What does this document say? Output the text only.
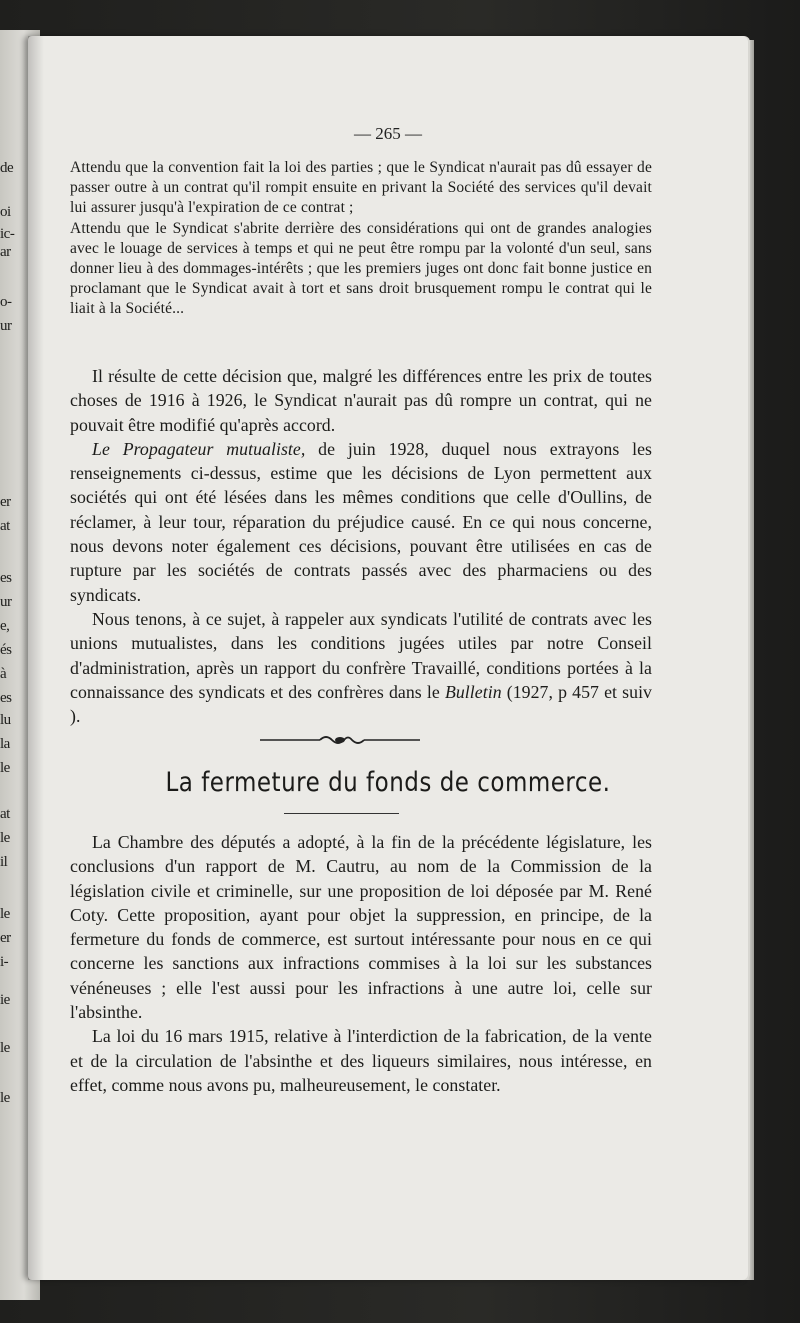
de
oi
ic-
ar
o-
ur
er
at
es
ur
e,
és
à
es
lu
la
le
at
le
il
le
er
i-
ie
le
le
— 265 —

Attendu que la convention fait la loi des parties ; que le Syndicat n'aurait pas dû essayer de passer outre à un contrat qu'il rompit ensuite en privant la Société des services qu'il devait lui assurer jusqu'à l'expiration de ce contrat ;

Attendu que le Syndicat s'abrite derrière des considérations qui ont de grandes analogies avec le louage de services à temps et qui ne peut être rompu par la volonté d'un seul, sans donner lieu à des dommages-intérêts ; que les premiers juges ont donc fait bonne justice en proclamant que le Syndicat avait à tort et sans droit brusquement rompu le contrat qui le liait à la Société...

Il résulte de cette décision que, malgré les différences entre les prix de toutes choses de 1916 à 1926, le Syndicat n'aurait pas dû rompre un contrat, qui ne pouvait être modifié qu'après accord.

Le Propagateur mutualiste, de juin 1928, duquel nous extrayons les renseignements ci-dessus, estime que les décisions de Lyon permettent aux sociétés qui ont été lésées dans les mêmes conditions que celle d'Oullins, de réclamer, à leur tour, réparation du préjudice causé. En ce qui nous concerne, nous devons noter également ces décisions, pouvant être utilisées en cas de rupture par les sociétés de contrats passés avec des pharmaciens ou des syndicats.

Nous tenons, à ce sujet, à rappeler aux syndicats l'utilité de contrats avec les unions mutualistes, dans les conditions jugées utiles par notre Conseil d'administration, après un rapport du confrère Travaillé, conditions portées à la connaissance des syndicats et des confrères dans le Bulletin (1927, p 457 et suiv ).

La fermeture du fonds de commerce.

La Chambre des députés a adopté, à la fin de la précédente législature, les conclusions d'un rapport de M. Cautru, au nom de la Commission de la législation civile et criminelle, sur une proposition de loi déposée par M. René Coty. Cette proposition, ayant pour objet la suppression, en principe, de la fermeture du fonds de commerce, est surtout intéressante pour nous en ce qui concerne les sanctions aux infractions commises à la loi sur les substances vénéneuses ; elle l'est aussi pour les infractions à une autre loi, celle sur l'absinthe.

La loi du 16 mars 1915, relative à l'interdiction de la fabrication, de la vente et de la circulation de l'absinthe et des liqueurs similaires, nous intéresse, en effet, comme nous avons pu, malheureusement, le constater.
